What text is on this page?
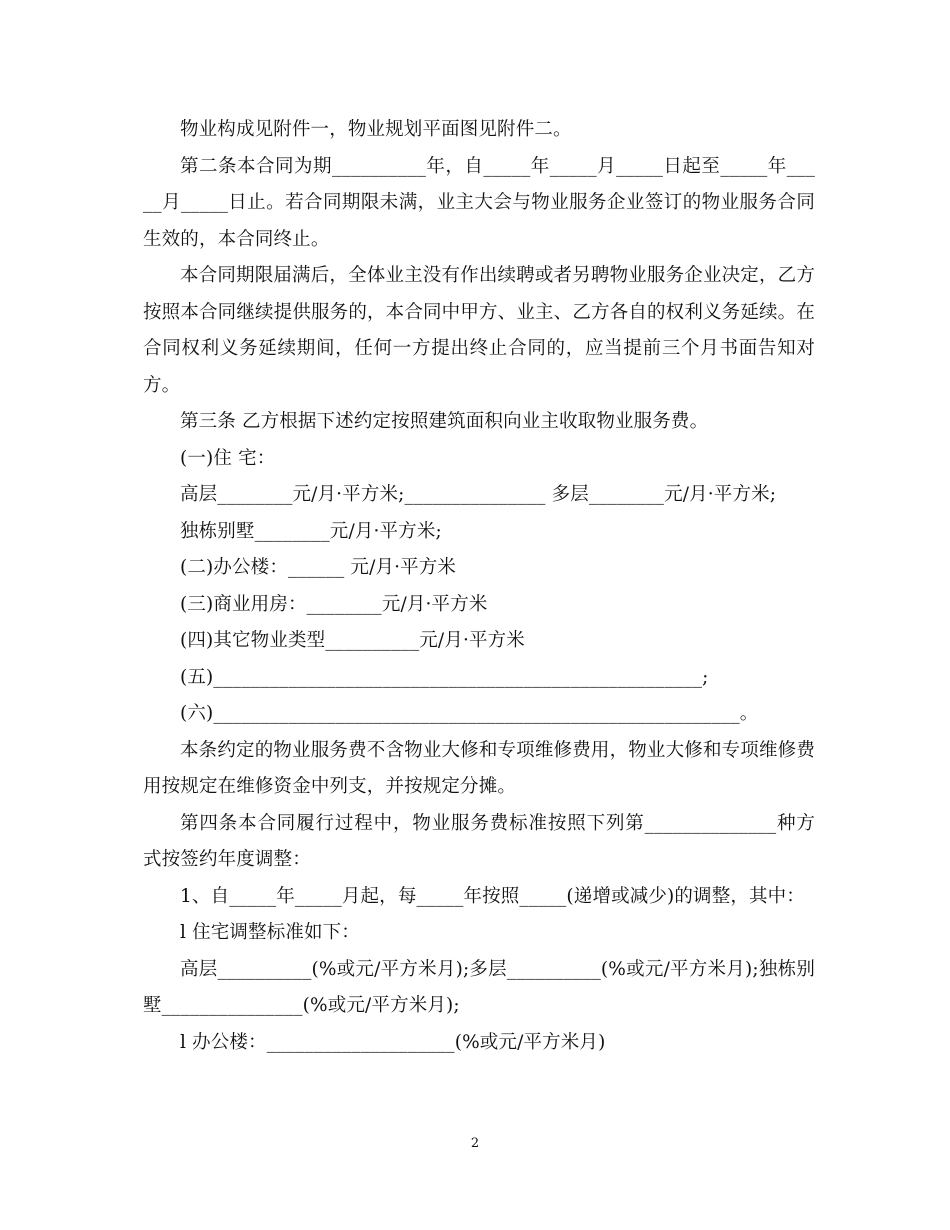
物业构成见附件一，物业规划平面图见附件二。

第二条本合同为期__________年，自_____年_____月_____日起至_____年_____月_____日止。若合同期限未满，业主大会与物业服务企业签订的物业服务合同生效的，本合同终止。

本合同期限届满后，全体业主没有作出续聘或者另聘物业服务企业决定，乙方按照本合同继续提供服务的，本合同中甲方、业主、乙方各自的权利义务延续。在合同权利义务延续期间，任何一方提出终止合同的，应当提前三个月书面告知对方。

第三条 乙方根据下述约定按照建筑面积向业主收取物业服务费。

(一)住 宅：

高层________元/月·平方米;_______________ 多层________元/月·平方米;

独栋别墅________元/月·平方米;

(二)办公楼：______ 元/月·平方米

(三)商业用房：________元/月·平方米

(四)其它物业类型__________元/月·平方米

(五)____________________________________________________;

(六)________________________________________________________。

本条约定的物业服务费不含物业大修和专项维修费用，物业大修和专项维修费用按规定在维修资金中列支，并按规定分摊。

第四条本合同履行过程中，物业服务费标准按照下列第______________种方式按签约年度调整：

1、自_____年_____月起，每_____年按照_____(递增或减少)的调整，其中：

l 住宅调整标准如下：

高层__________(%或元/平方米月);多层__________(%或元/平方米月);独栋别墅_______________(%或元/平方米月);

l 办公楼：____________________(%或元/平方米月)

2
